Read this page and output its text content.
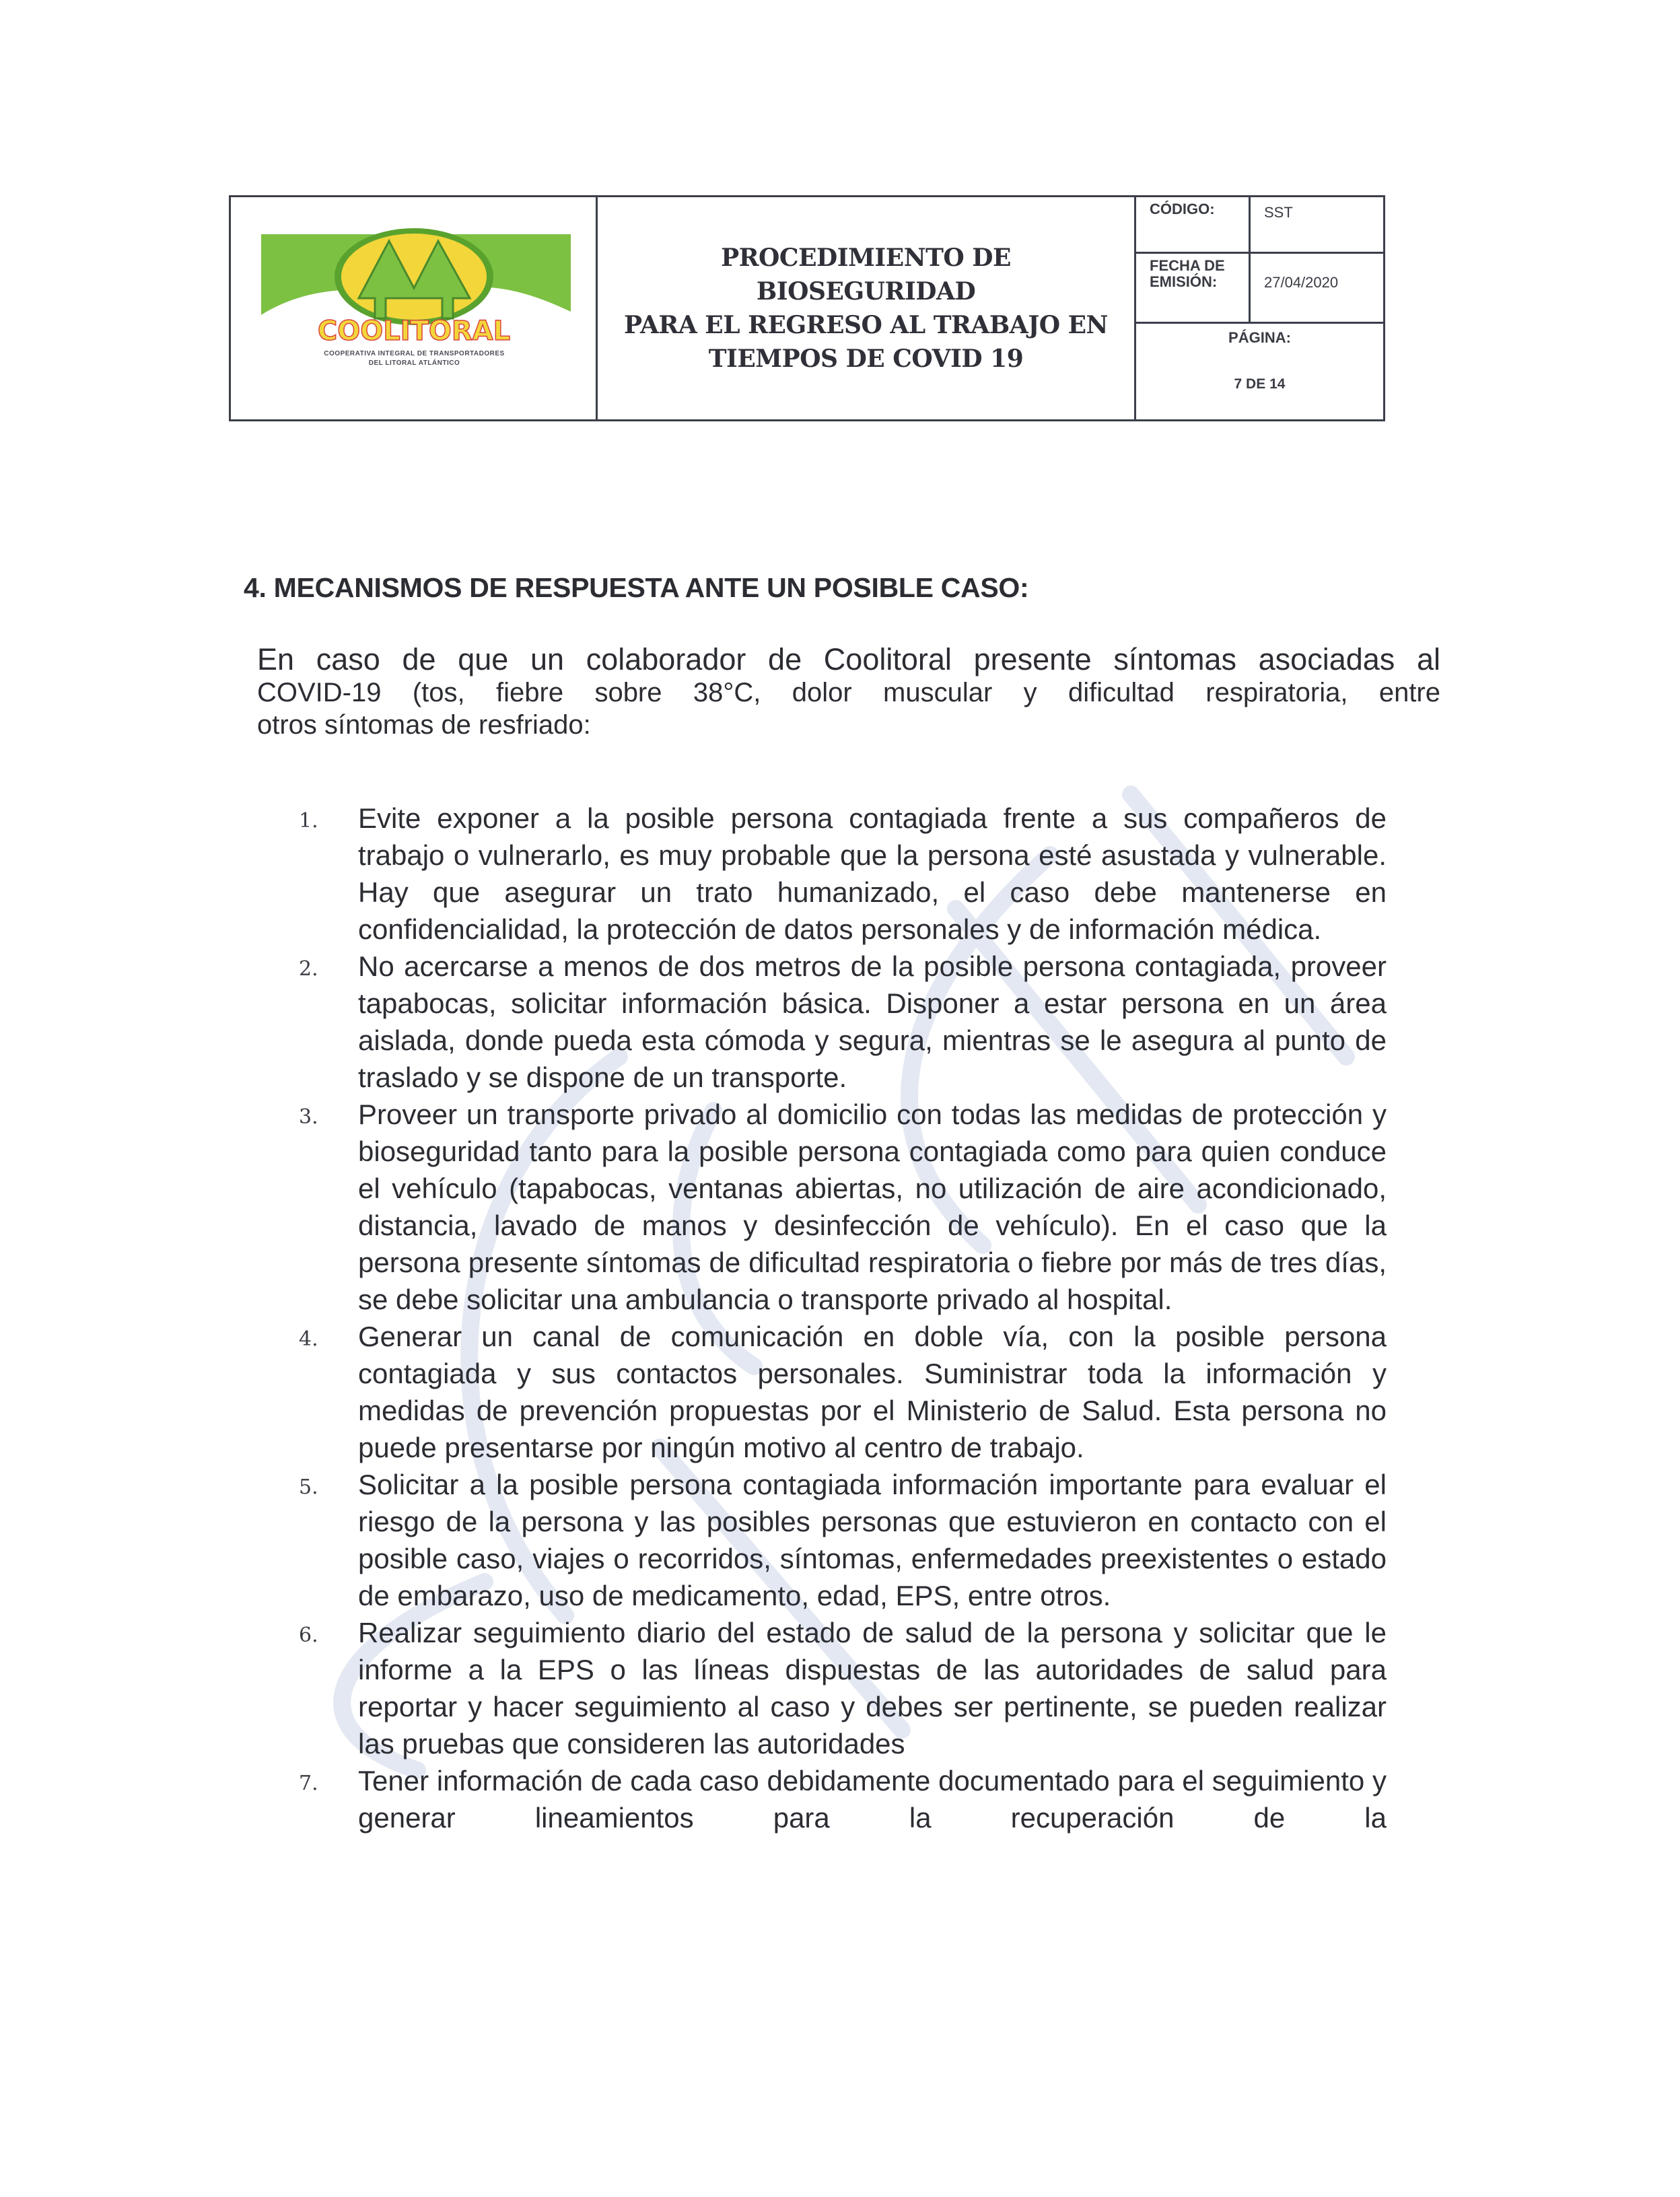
COOLITORAL
COOPERATIVA INTEGRAL DE TRANSPORTADORES
DEL LITORAL ATLÁNTICO
PROCEDIMIENTO DE BIOSEGURIDAD
PARA EL REGRESO AL TRABAJO EN
TIEMPOS DE COVID 19
CÓDIGO:	SST
FECHA DE EMISIÓN:	27/04/2020
PÁGINA:
7 DE 14
4. MECANISMOS DE RESPUESTA ANTE UN POSIBLE CASO:
En caso de que un colaborador de Coolitoral presente síntomas asociadas al
COVID-19 (tos, fiebre sobre 38°C, dolor muscular y dificultad respiratoria, entre
otros síntomas de resfriado:
1.	Evite exponer a la posible persona contagiada frente a sus compañeros de trabajo o vulnerarlo, es muy probable que la persona esté asustada y vulnerable. Hay que asegurar un trato humanizado, el caso debe mantenerse en confidencialidad, la protección de datos personales y de información médica.
2.	No acercarse a menos de dos metros de la posible persona contagiada, proveer tapabocas, solicitar información básica. Disponer a estar persona en un área aislada, donde pueda esta cómoda y segura, mientras se le asegura al punto de traslado y se dispone de un transporte.
3.	Proveer un transporte privado al domicilio con todas las medidas de protección y bioseguridad tanto para la posible persona contagiada como para quien conduce el vehículo (tapabocas, ventanas abiertas, no utilización de aire acondicionado, distancia, lavado de manos y desinfección de vehículo). En el caso que la persona presente síntomas de dificultad respiratoria o fiebre por más de tres días, se debe solicitar una ambulancia o transporte privado al hospital.
4.	Generar un canal de comunicación en doble vía, con la posible persona contagiada y sus contactos personales. Suministrar toda la información y medidas de prevención propuestas por el Ministerio de Salud. Esta persona no puede presentarse por ningún motivo al centro de trabajo.
5.	Solicitar a la posible persona contagiada información importante para evaluar el riesgo de la persona y las posibles personas que estuvieron en contacto con el posible caso, viajes o recorridos, síntomas, enfermedades preexistentes o estado de embarazo, uso de medicamento, edad, EPS, entre otros.
6.	Realizar seguimiento diario del estado de salud de la persona y solicitar que le informe a la EPS o las líneas dispuestas de las autoridades de salud para reportar y hacer seguimiento al caso y debes ser pertinente, se pueden realizar las pruebas que consideren las autoridades
7.	Tener información de cada caso debidamente documentado para el seguimiento y generar lineamientos para la recuperación de la
